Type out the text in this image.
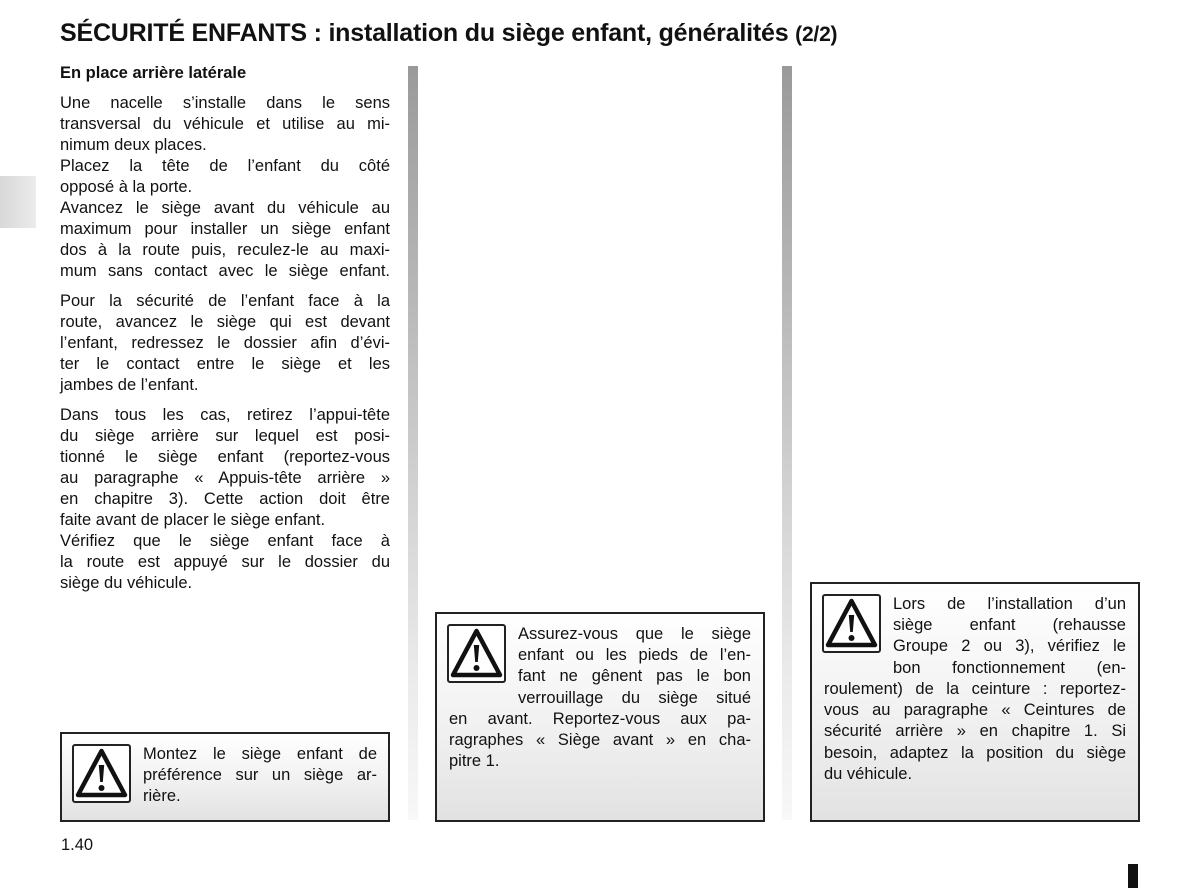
SÉCURITÉ ENFANTS : installation du siège enfant, généralités (2/2)
En place arrière latérale

Une nacelle s’installe dans le sens
transversal du véhicule et utilise au mi-
nimum deux places.
Placez la tête de l’enfant du côté
opposé à la porte.
Avancez le siège avant du véhicule au
maximum pour installer un siège enfant
dos à la route puis, reculez-le au maxi-
mum sans contact avec le siège enfant.

Pour la sécurité de l’enfant face à la
route, avancez le siège qui est devant
l’enfant, redressez le dossier afin d’évi-
ter le contact entre le siège et les
jambes de l’enfant.

Dans tous les cas, retirez l’appui-tête
du siège arrière sur lequel est posi-
tionné le siège enfant (reportez-vous
au paragraphe « Appuis-tête arrière »
en chapitre 3). Cette action doit être
faite avant de placer le siège enfant.
Vérifiez que le siège enfant face à
la route est appuyé sur le dossier du
siège du véhicule.

Montez le siège enfant de
préférence sur un siège ar-
rière.
Assurez-vous que le siège
enfant ou les pieds de l’en-
fant ne gênent pas le bon
verrouillage du siège situé
en avant. Reportez-vous aux pa-
ragraphes « Siège avant » en cha-
pitre 1.
Lors de l’installation d’un
siège enfant (rehausse
Groupe 2 ou 3), vérifiez le
bon fonctionnement (en-
roulement) de la ceinture : reportez-
vous au paragraphe « Ceintures de
sécurité arrière » en chapitre 1. Si
besoin, adaptez la position du siège
du véhicule.
1.40
